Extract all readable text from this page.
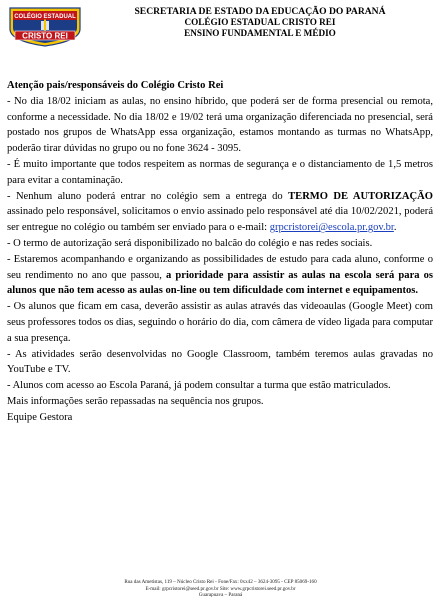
COLÉGIO ESTADUAL
CRISTO REI
SECRETARIA DE ESTADO DA EDUCAÇÃO DO PARANÁ
COLÉGIO ESTADUAL CRISTO REI
ENSINO FUNDAMENTAL E MÉDIO

Atenção pais/responsáveis do Colégio Cristo Rei

- No dia 18/02 iniciam as aulas, no ensino híbrido, que poderá ser de forma presencial ou remota, conforme a necessidade. No dia 18/02 e 19/02 terá uma organização diferenciada no presencial, será postado nos grupos de WhatsApp essa organização, estamos montando as turmas no WhatsApp, poderão tirar dúvidas no grupo ou no fone 3624 - 3095.

- É muito importante que todos respeitem as normas de segurança e o distanciamento de 1,5 metros para evitar a contaminação.

- Nenhum aluno poderá entrar no colégio sem a entrega do TERMO DE AUTORIZAÇÃO assinado pelo responsável, solicitamos o envio assinado pelo responsável até dia 10/02/2021, poderá ser entregue no colégio ou também ser enviado para o e-mail: grpcristorei@escola.pr.gov.br.

- O termo de autorização será disponibilizado no balcão do colégio e nas redes sociais.

- Estaremos acompanhando e organizando as possibilidades de estudo para cada aluno, conforme o seu rendimento no ano que passou, a prioridade para assistir as aulas na escola será para os alunos que não tem acesso as aulas on-line ou tem dificuldade com internet e equipamentos.

- Os alunos que ficam em casa, deverão assistir as aulas através das videoaulas (Google Meet) com seus professores todos os dias, seguindo o horário do dia, com câmera de vídeo ligada para computar a sua presença.

- As atividades serão desenvolvidas no Google Classroom, também teremos aulas gravadas no YouTube e TV.

- Alunos com acesso ao Escola Paraná, já podem consultar a turma que estão matriculados.

Mais informações serão repassadas na sequência nos grupos.

Equipe Gestora

Rua das Ametistas, 119 – Núcleo Cristo Rei - Fone/Fax: 0xx42 – 3624-3095 - CEP 85069-160
E-mail: grpcristorei@seed.pr.gov.br Site: www.grpcristorei.seed.pr.gov.br
Guarapuava – Paraná
